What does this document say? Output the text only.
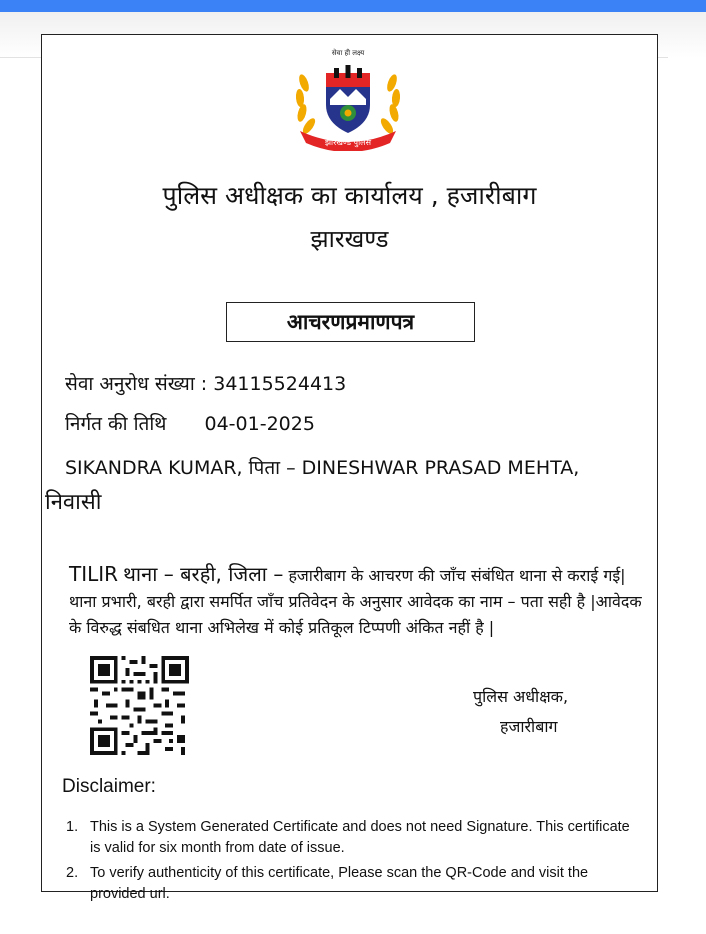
झारखण्ड पुलिस
सेवा ही लक्ष्य
पुलिस अधीक्षक का कार्यालय , हजारीबाग
झारखण्ड
आचरणप्रमाणपत्र
सेवा अनुरोध संख्या : 34115524413
निर्गत की तिथि 04-01-2025
SIKANDRA KUMAR, पिता – DINESHWAR PRASAD MEHTA,
निवासी
TILIR थाना – बरही, जिला – हजारीबाग के आचरण की जाँच संबंधित थाना से कराई गई| थाना प्रभारी, बरही द्वारा समर्पित जाँच प्रतिवेदन के अनुसार आवेदक का नाम – पता सही है |आवेदक के विरुद्ध संबधित थाना अभिलेख में कोई प्रतिकूल टिप्पणी अंकित नहीं है |
पुलिस अधीक्षक,
हजारीबाग
Disclaimer:
1. This is a System Generated Certificate and does not need Signature. This certificate is valid for six month from date of issue.
2. To verify authenticity of this certificate, Please scan the QR-Code and visit the provided url.
